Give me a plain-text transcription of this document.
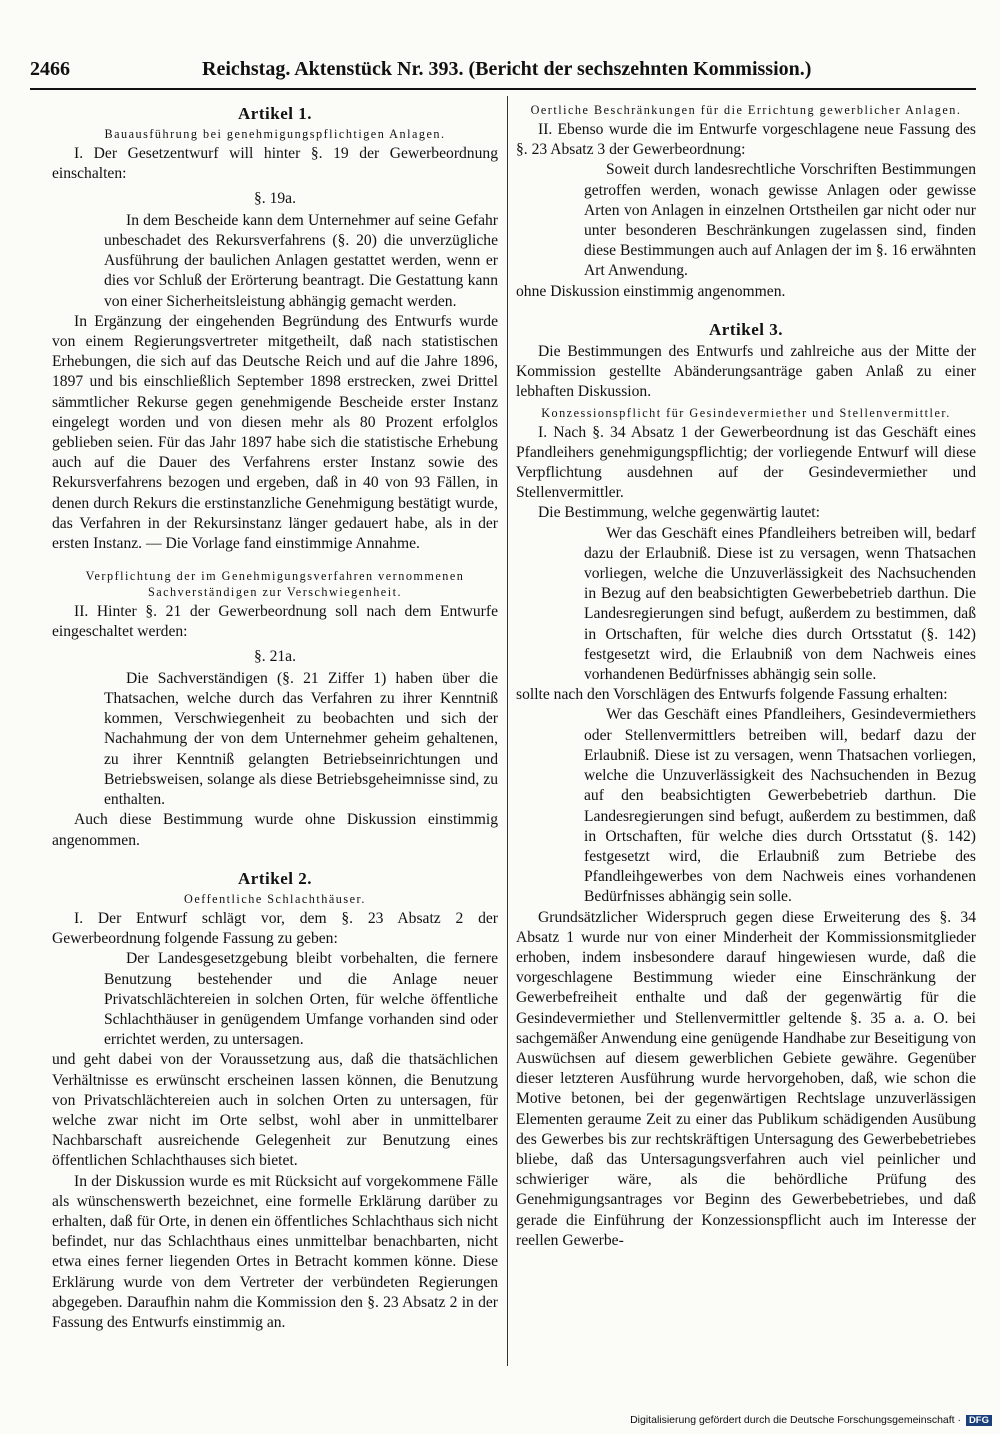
2466	Reichstag. Aktenstück Nr. 393. (Bericht der sechszehnten Kommission.)
Artikel 1.
Bauausführung bei genehmigungspflichtigen Anlagen.

I. Der Gesetzentwurf will hinter §. 19 der Gewerbeordnung einschalten:

§. 19a.

In dem Bescheide kann dem Unternehmer auf seine Gefahr unbeschadet des Rekursverfahrens (§. 20) die unverzügliche Ausführung der baulichen Anlagen gestattet werden, wenn er dies vor Schluß der Erörterung beantragt. Die Gestattung kann von einer Sicherheitsleistung abhängig gemacht werden.

In Ergänzung der eingehenden Begründung des Entwurfs wurde von einem Regierungsvertreter mitgetheilt, daß nach statistischen Erhebungen, die sich auf das Deutsche Reich und auf die Jahre 1896, 1897 und bis einschließlich September 1898 erstrecken, zwei Drittel sämmtlicher Rekurse gegen genehmigende Bescheide erster Instanz eingelegt worden und von diesen mehr als 80 Prozent erfolglos geblieben seien. Für das Jahr 1897 habe sich die statistische Erhebung auch auf die Dauer des Verfahrens erster Instanz sowie des Rekursverfahrens bezogen und ergeben, daß in 40 von 93 Fällen, in denen durch Rekurs die erstinstanzliche Genehmigung bestätigt wurde, das Verfahren in der Rekursinstanz länger gedauert habe, als in der ersten Instanz. — Die Vorlage fand einstimmige Annahme.

Verpflichtung der im Genehmigungsverfahren vernommenen Sachverständigen zur Verschwiegenheit.

II. Hinter §. 21 der Gewerbeordnung soll nach dem Entwurfe eingeschaltet werden:

§. 21a.

Die Sachverständigen (§. 21 Ziffer 1) haben über die Thatsachen, welche durch das Verfahren zu ihrer Kenntniß kommen, Verschwiegenheit zu beobachten und sich der Nachahmung der von dem Unternehmer geheim gehaltenen, zu ihrer Kenntniß gelangten Betriebseinrichtungen und Betriebsweisen, solange als diese Betriebsgeheimnisse sind, zu enthalten.

Auch diese Bestimmung wurde ohne Diskussion einstimmig angenommen.

Artikel 2.
Oeffentliche Schlachthäuser.

I. Der Entwurf schlägt vor, dem §. 23 Absatz 2 der Gewerbeordnung folgende Fassung zu geben:

Der Landesgesetzgebung bleibt vorbehalten, die fernere Benutzung bestehender und die Anlage neuer Privatschlächtereien in solchen Orten, für welche öffentliche Schlachthäuser in genügendem Umfange vorhanden sind oder errichtet werden, zu untersagen.

und geht dabei von der Voraussetzung aus, daß die thatsächlichen Verhältnisse es erwünscht erscheinen lassen können, die Benutzung von Privatschlächtereien auch in solchen Orten zu untersagen, für welche zwar nicht im Orte selbst, wohl aber in unmittelbarer Nachbarschaft ausreichende Gelegenheit zur Benutzung eines öffentlichen Schlachthauses sich bietet.

In der Diskussion wurde es mit Rücksicht auf vorgekommene Fälle als wünschenswerth bezeichnet, eine formelle Erklärung darüber zu erhalten, daß für Orte, in denen ein öffentliches Schlachthaus sich nicht befindet, nur das Schlachthaus eines unmittelbar benachbarten, nicht etwa eines ferner liegenden Ortes in Betracht kommen könne. Diese Erklärung wurde von dem Vertreter der verbündeten Regierungen abgegeben. Daraufhin nahm die Kommission den §. 23 Absatz 2 in der Fassung des Entwurfs einstimmig an.

Oertliche Beschränkungen für die Errichtung gewerblicher Anlagen.

II. Ebenso wurde die im Entwurfe vorgeschlagene neue Fassung des §. 23 Absatz 3 der Gewerbeordnung:

Soweit durch landesrechtliche Vorschriften Bestimmungen getroffen werden, wonach gewisse Anlagen oder gewisse Arten von Anlagen in einzelnen Ortstheilen gar nicht oder nur unter besonderen Beschränkungen zugelassen sind, finden diese Bestimmungen auch auf Anlagen der im §. 16 erwähnten Art Anwendung.

ohne Diskussion einstimmig angenommen.

Artikel 3.

Die Bestimmungen des Entwurfs und zahlreiche aus der Mitte der Kommission gestellte Abänderungsanträge gaben Anlaß zu einer lebhaften Diskussion.

Konzessionspflicht für Gesindevermiether und Stellenvermittler.

I. Nach §. 34 Absatz 1 der Gewerbeordnung ist das Geschäft eines Pfandleihers genehmigungspflichtig; der vorliegende Entwurf will diese Verpflichtung ausdehnen auf der Gesindevermiether und Stellenvermittler.

Die Bestimmung, welche gegenwärtig lautet:

Wer das Geschäft eines Pfandleihers betreiben will, bedarf dazu der Erlaubniß. Diese ist zu versagen, wenn Thatsachen vorliegen, welche die Unzuverlässigkeit des Nachsuchenden in Bezug auf den beabsichtigten Gewerbebetrieb darthun. Die Landesregierungen sind befugt, außerdem zu bestimmen, daß in Ortschaften, für welche dies durch Ortsstatut (§. 142) festgesetzt wird, die Erlaubniß von dem Nachweis eines vorhandenen Bedürfnisses abhängig sein solle.

sollte nach den Vorschlägen des Entwurfs folgende Fassung erhalten:

Wer das Geschäft eines Pfandleihers, Gesindevermiethers oder Stellenvermittlers betreiben will, bedarf dazu der Erlaubniß. Diese ist zu versagen, wenn Thatsachen vorliegen, welche die Unzuverlässigkeit des Nachsuchenden in Bezug auf den beabsichtigten Gewerbebetrieb darthun. Die Landesregierungen sind befugt, außerdem zu bestimmen, daß in Ortschaften, für welche dies durch Ortsstatut (§. 142) festgesetzt wird, die Erlaubniß zum Betriebe des Pfandleihgewerbes von dem Nachweis eines vorhandenen Bedürfnisses abhängig sein solle.

Grundsätzlicher Widerspruch gegen diese Erweiterung des §. 34 Absatz 1 wurde nur von einer Minderheit der Kommissionsmitglieder erhoben, indem insbesondere darauf hingewiesen wurde, daß die vorgeschlagene Bestimmung wieder eine Einschränkung der Gewerbefreiheit enthalte und daß der gegenwärtig für die Gesindevermiether und Stellenvermittler geltende §. 35 a. a. O. bei sachgemäßer Anwendung eine genügende Handhabe zur Beseitigung von Auswüchsen auf diesem gewerblichen Gebiete gewähre. Gegenüber dieser letzteren Ausführung wurde hervorgehoben, daß, wie schon die Motive betonen, bei der gegenwärtigen Rechtslage unzuverlässigen Elementen geraume Zeit zu einer das Publikum schädigenden Ausübung des Gewerbes bis zur rechtskräftigen Untersagung des Gewerbebetriebes bliebe, daß das Untersagungsverfahren auch viel peinlicher und schwieriger wäre, als die behördliche Prüfung des Genehmigungsantrages vor Beginn des Gewerbebetriebes, und daß gerade die Einführung der Konzessionspflicht auch im Interesse der reellen Gewerbe-

Digitalisierung gefördert durch die Deutsche Forschungsgemeinschaft · DFG
